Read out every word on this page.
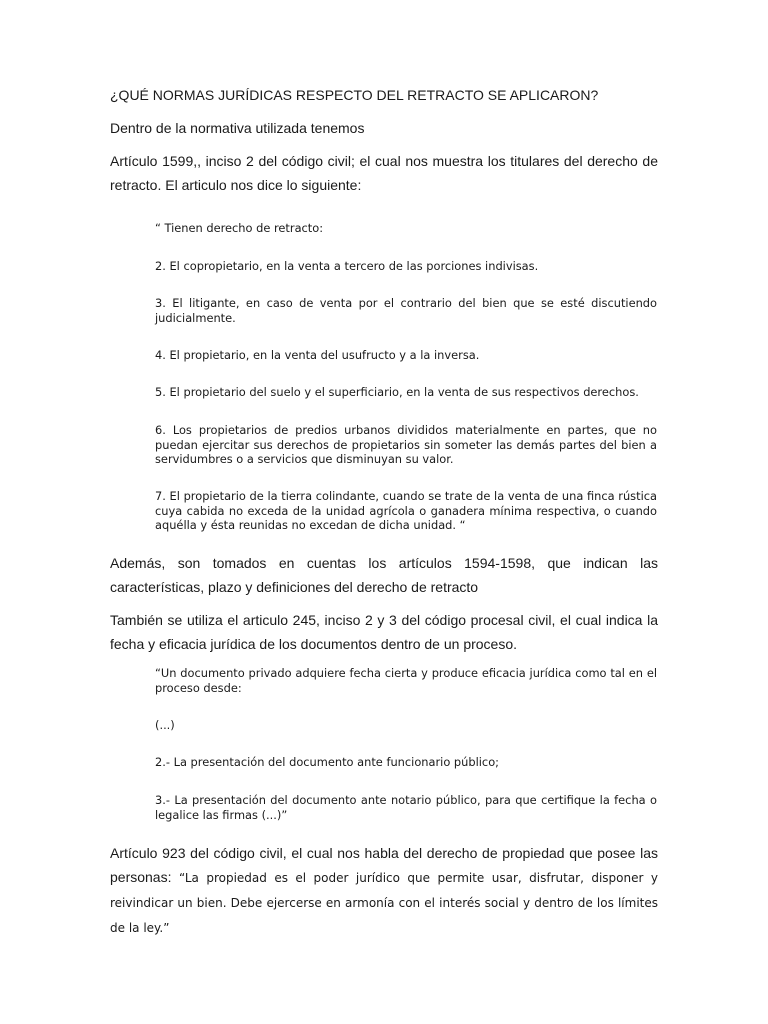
¿QUÉ NORMAS JURÍDICAS RESPECTO DEL RETRACTO SE APLICARON?

Dentro de la normativa utilizada tenemos

Artículo 1599,, inciso 2 del código civil; el cual nos muestra los titulares del derecho de retracto. El articulo nos dice lo siguiente:

“ Tienen derecho de retracto:

2. El copropietario, en la venta a tercero de las porciones indivisas.

3. El litigante, en caso de venta por el contrario del bien que se esté discutiendo judicialmente.

4. El propietario, en la venta del usufructo y a la inversa.

5. El propietario del suelo y el superficiario, en la venta de sus respectivos derechos.

6. Los propietarios de predios urbanos divididos materialmente en partes, que no puedan ejercitar sus derechos de propietarios sin someter las demás partes del bien a servidumbres o a servicios que disminuyan su valor.

7. El propietario de la tierra colindante, cuando se trate de la venta de una finca rústica cuya cabida no exceda de la unidad agrícola o ganadera mínima respectiva, o cuando aquélla y ésta reunidas no excedan de dicha unidad. “

Además, son tomados en cuentas los artículos 1594-1598, que indican las características, plazo y definiciones del derecho de retracto

También se utiliza el articulo 245, inciso 2 y 3 del código procesal civil, el cual indica la fecha y eficacia jurídica de los documentos dentro de un proceso.

“Un documento privado adquiere fecha cierta y produce eficacia jurídica como tal en el proceso desde:

(...)

2.- La presentación del documento ante funcionario público;

3.- La presentación del documento ante notario público, para que certifique la fecha o legalice las firmas (...)”

Artículo 923 del código civil, el cual nos habla del derecho de propiedad que posee las personas: “La propiedad es el poder jurídico que permite usar, disfrutar, disponer y reivindicar un bien. Debe ejercerse en armonía con el interés social y dentro de los límites de la ley.”
